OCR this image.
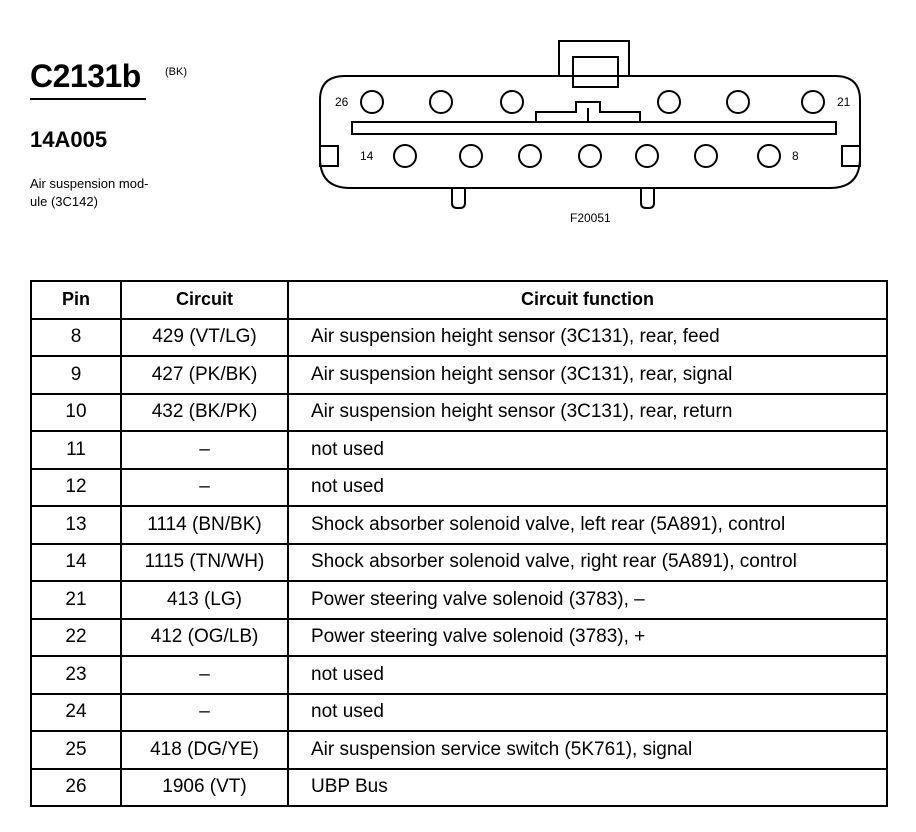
C2131b (BK)
14A005
Air suspension mod-
ule (3C142)
26	21
14	8
F20051
Pin	Circuit	Circuit function
8	429 (VT/LG)	Air suspension height sensor (3C131), rear, feed
9	427 (PK/BK)	Air suspension height sensor (3C131), rear, signal
10	432 (BK/PK)	Air suspension height sensor (3C131), rear, return
11	–	not used
12	–	not used
13	1114 (BN/BK)	Shock absorber solenoid valve, left rear (5A891), control
14	1115 (TN/WH)	Shock absorber solenoid valve, right rear (5A891), control
21	413 (LG)	Power steering valve solenoid (3783), –
22	412 (OG/LB)	Power steering valve solenoid (3783), +
23	–	not used
24	–	not used
25	418 (DG/YE)	Air suspension service switch (5K761), signal
26	1906 (VT)	UBP Bus
